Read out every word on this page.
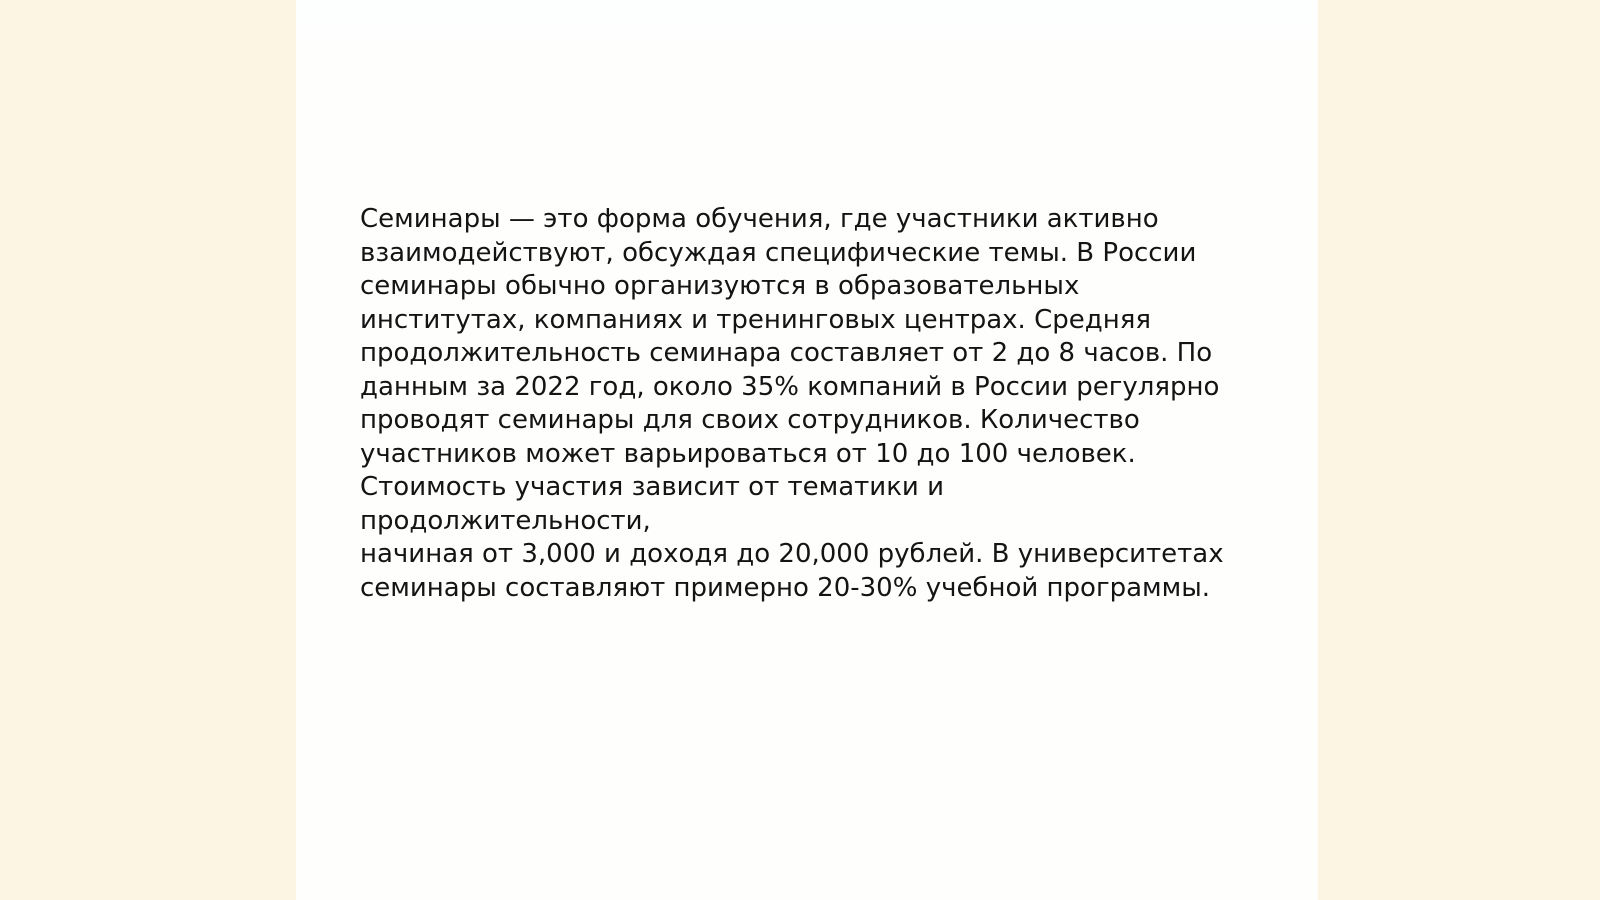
Семинары — это форма обучения, где участники активно
взаимодействуют, обсуждая специфические темы. В России
семинары обычно организуются в образовательных
институтах, компаниях и тренинговых центрах. Средняя
продолжительность семинара составляет от 2 до 8 часов. По
данным за 2022 год, около 35% компаний в России регулярно
проводят семинары для своих сотрудников. Количество
участников может варьироваться от 10 до 100 человек.
Стоимость участия зависит от тематики и продолжительности,
начиная от 3,000 и доходя до 20,000 рублей. В университетах
семинары составляют примерно 20-30% учебной программы.
